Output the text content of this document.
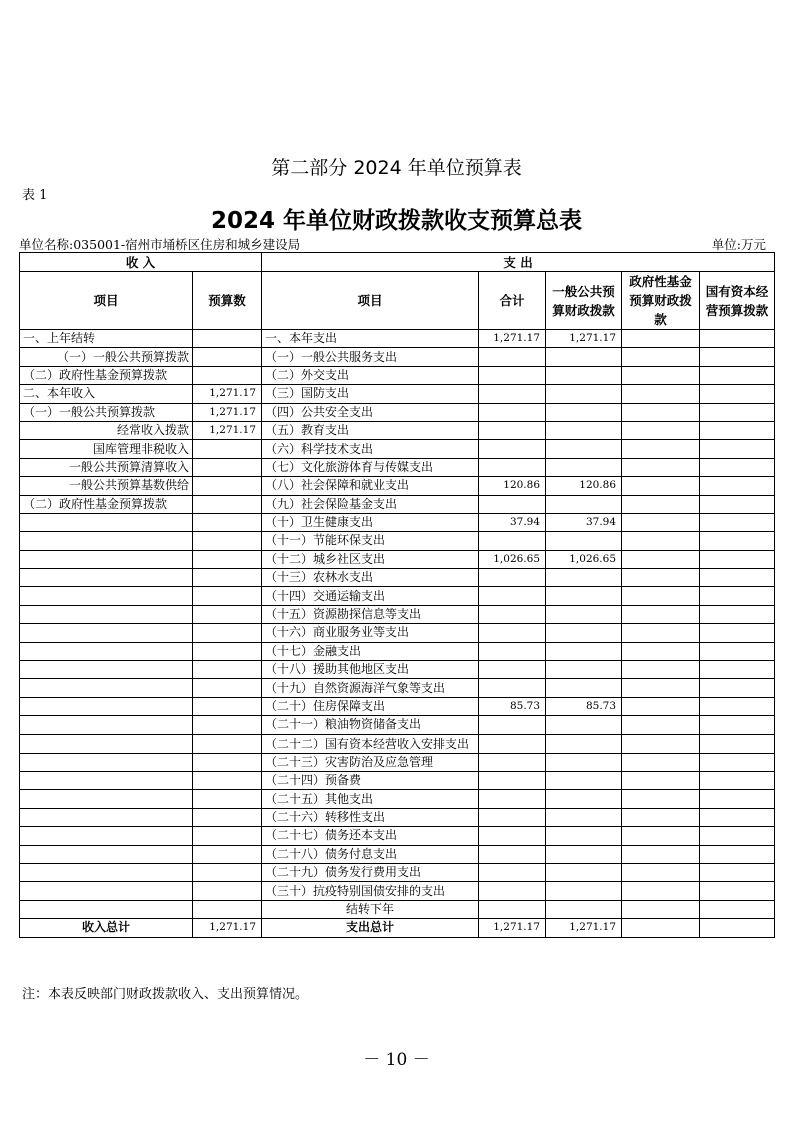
第二部分 2024 年单位预算表
表 1
2024 年单位财政拨款收支预算总表
单位名称:035001-宿州市埇桥区住房和城乡建设局	单位:万元
收 入		支 出				
项目	预算数	项目	合计	一般公共预算财政拨款	政府性基金预算财政拨款	国有资本经营预算拨款
一、上年结转		一、本年支出	1,271.17	1,271.17		
（一）一般公共预算拨款		（一）一般公共服务支出				
（二）政府性基金预算拨款		（二）外交支出				
二、本年收入	1,271.17	（三）国防支出				
（一）一般公共预算拨款	1,271.17	（四）公共安全支出				
经常收入拨款	1,271.17	（五）教育支出				
国库管理非税收入		（六）科学技术支出				
一般公共预算清算收入		（七）文化旅游体育与传媒支出				
一般公共预算基数供给		（八）社会保障和就业支出	120.86	120.86		
（二）政府性基金预算拨款		（九）社会保险基金支出				
		（十）卫生健康支出	37.94	37.94		
		（十一）节能环保支出				
		（十二）城乡社区支出	1,026.65	1,026.65		
		（十三）农林水支出				
		（十四）交通运输支出				
		（十五）资源勘探信息等支出				
		（十六）商业服务业等支出				
		（十七）金融支出				
		（十八）援助其他地区支出				
		（十九）自然资源海洋气象等支出				
		（二十）住房保障支出	85.73	85.73		
		（二十一）粮油物资储备支出				
		（二十二）国有资本经营收入安排支出				
		（二十三）灾害防治及应急管理				
		（二十四）预备费				
		（二十五）其他支出				
		（二十六）转移性支出				
		（二十七）债务还本支出				
		（二十八）债务付息支出				
		（二十九）债务发行费用支出				
		（三十）抗疫特别国债安排的支出				
		结转下年				
收入总计	1,271.17	支出总计	1,271.17	1,271.17		
注：本表反映部门财政拨款收入、支出预算情况。
－ 10 －
